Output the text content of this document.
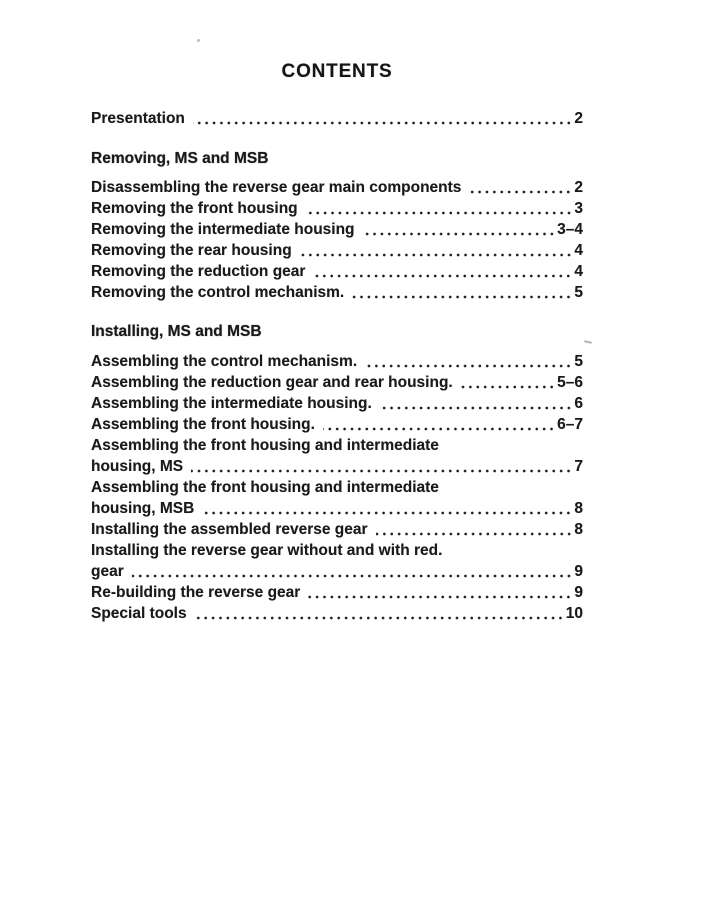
CONTENTS
Presentation	2
Removing, MS and MSB
Disassembling the reverse gear main components	2
Removing the front housing	3
Removing the intermediate housing	3–4
Removing the rear housing	4
Removing the reduction gear	4
Removing the control mechanism.	5
Installing, MS and MSB
Assembling the control mechanism.	5
Assembling the reduction gear and rear housing.	5–6
Assembling the intermediate housing.	6
Assembling the front housing.	6–7
Assembling the front housing and intermediate
housing, MS	7
Assembling the front housing and intermediate
housing, MSB	8
Installing the assembled reverse gear	8
Installing the reverse gear without and with red.
gear	9
Re-building the reverse gear	9
Special tools	10
